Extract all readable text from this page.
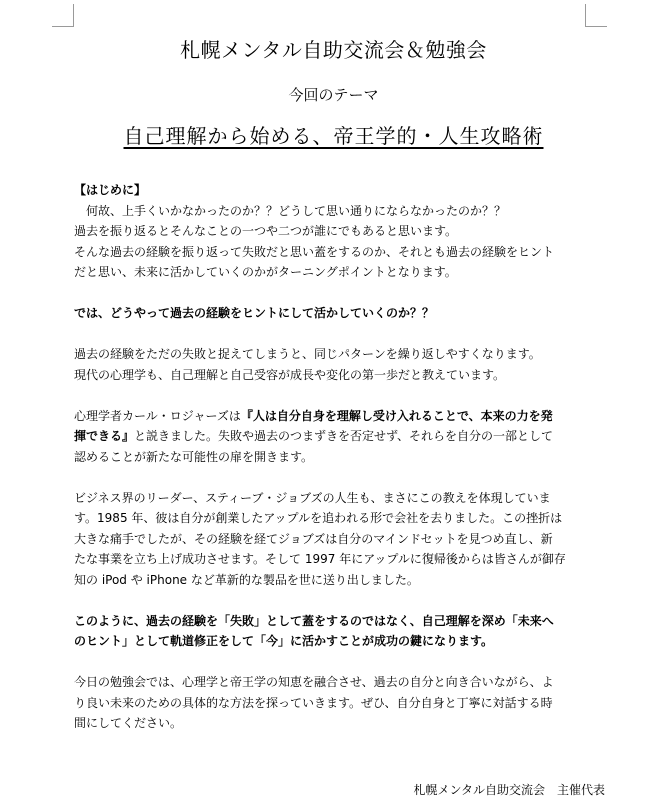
札幌メンタル自助交流会＆勉強会
今回のテーマ
自己理解から始める、帝王学的・人生攻略術

【はじめに】

　何故、上手くいかなかったのか？？どうして思い通りにならなかったのか？？

過去を振り返るとそんなことの一つや二つが誰にでもあると思います。

そんな過去の経験を振り返って失敗だと思い蓋をするのか、それとも過去の経験をヒント

だと思い、未来に活かしていくのかがターニングポイントとなります。

では、どうやって過去の経験をヒントにして活かしていくのか？？

過去の経験をただの失敗と捉えてしまうと、同じパターンを繰り返しやすくなります。

現代の心理学も、自己理解と自己受容が成長や変化の第一歩だと教えています。

心理学者カール・ロジャーズは『人は自分自身を理解し受け入れることで、本来の力を発

揮できる』と説きました。失敗や過去のつまずきを否定せず、それらを自分の一部として

認めることが新たな可能性の扉を開きます。

ビジネス界のリーダー、スティーブ・ジョブズの人生も、まさにこの教えを体現していま

す。1985 年、彼は自分が創業したアップルを追われる形で会社を去りました。この挫折は

大きな痛手でしたが、その経験を経てジョブズは自分のマインドセットを見つめ直し、新

たな事業を立ち上げ成功させます。そして 1997 年にアップルに復帰後からは皆さんが御存

知の iPod や iPhone など革新的な製品を世に送り出しました。

このように、過去の経験を「失敗」として蓋をするのではなく、自己理解を深め「未来へ

のヒント」として軌道修正をして「今」に活かすことが成功の鍵になります。

今日の勉強会では、心理学と帝王学の知恵を融合させ、過去の自分と向き合いながら、よ

り良い未来のための具体的な方法を探っていきます。ぜひ、自分自身と丁寧に対話する時

間にしてください。

札幌メンタル自助交流会　主催代表
